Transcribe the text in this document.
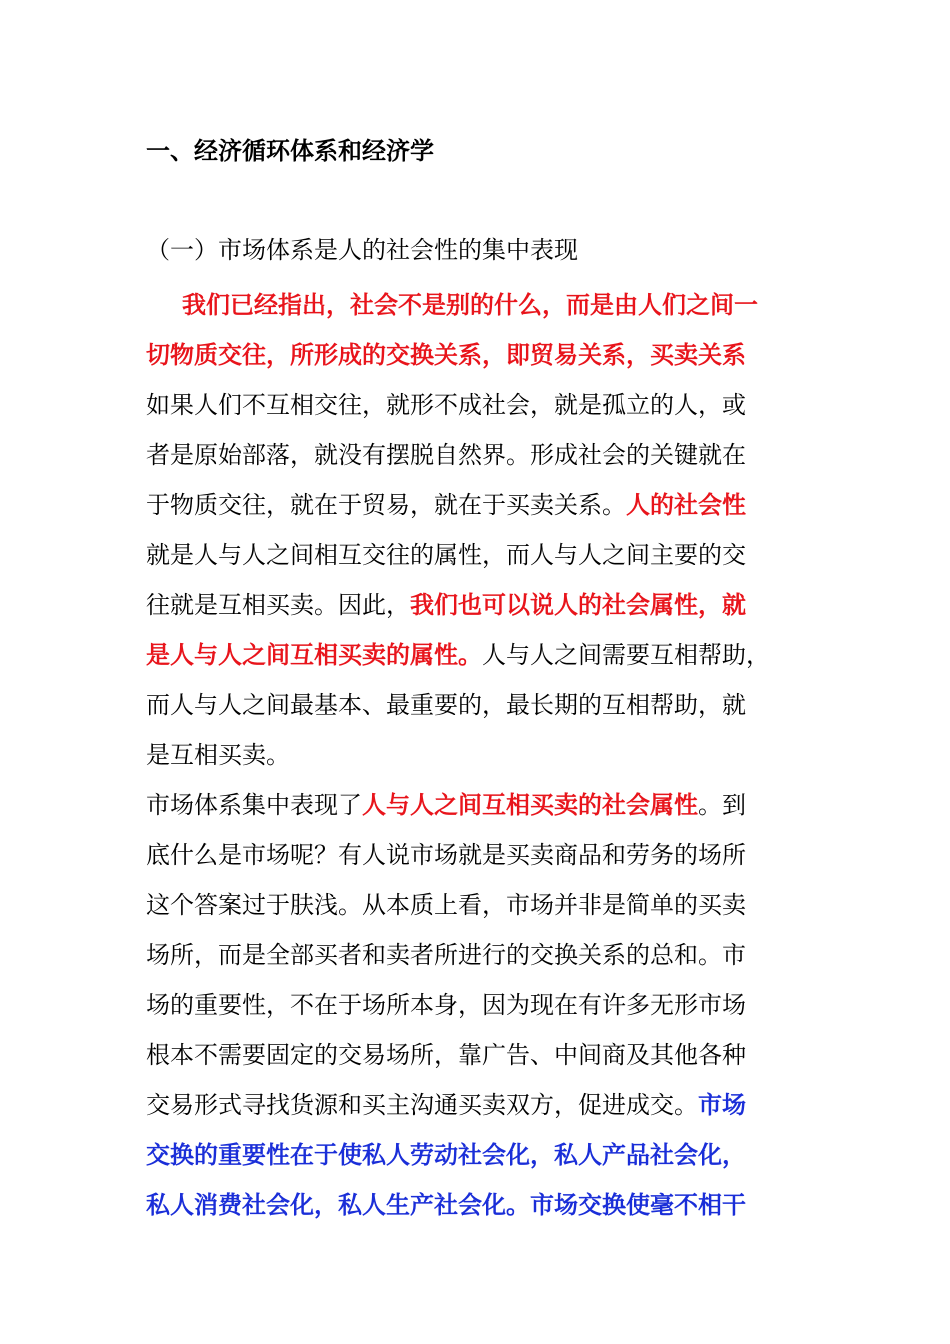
一、经济循环体系和经济学
（一）市场体系是人的社会性的集中表现
我们已经指出，社会不是别的什么，而是由人们之间一
切物质交往，所形成的交换关系，即贸易关系，买卖关系
如果人们不互相交往，就形不成社会，就是孤立的人，或
者是原始部落，就没有摆脱自然界。形成社会的关键就在
于物质交往，就在于贸易，就在于买卖关系。人的社会性
就是人与人之间相互交往的属性，而人与人之间主要的交
往就是互相买卖。因此，我们也可以说人的社会属性，就
是人与人之间互相买卖的属性。人与人之间需要互相帮助，
而人与人之间最基本、最重要的，最长期的互相帮助，就
是互相买卖。
市场体系集中表现了人与人之间互相买卖的社会属性。到
底什么是市场呢？有人说市场就是买卖商品和劳务的场所
这个答案过于肤浅。从本质上看，市场并非是简单的买卖
场所，而是全部买者和卖者所进行的交换关系的总和。市
场的重要性，不在于场所本身，因为现在有许多无形市场
根本不需要固定的交易场所，靠广告、中间商及其他各种
交易形式寻找货源和买主沟通买卖双方，促进成交。市场
交换的重要性在于使私人劳动社会化，私人产品社会化，
私人消费社会化，私人生产社会化。市场交换使毫不相干
